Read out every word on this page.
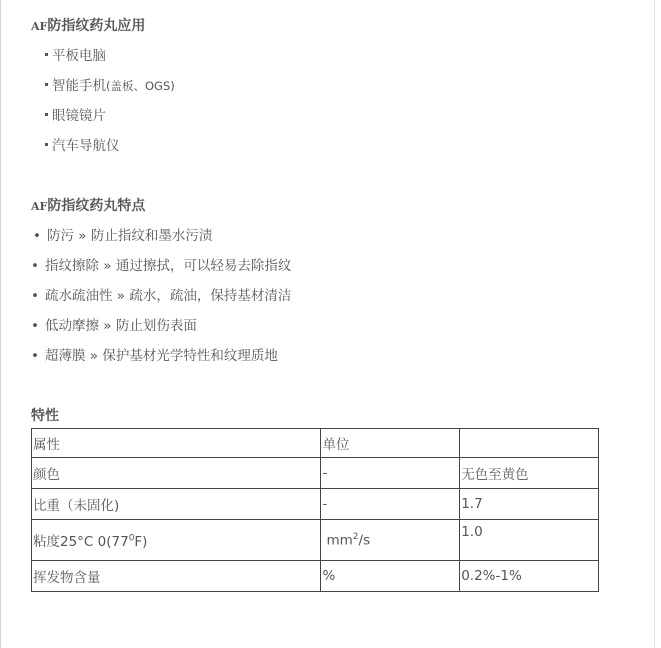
AF防指纹药丸应用
平板电脑
智能手机(盖板、OGS)
眼镜镜片
汽车导航仪
AF防指纹药丸特点
• 防污 » 防止指纹和墨水污渍
• 指纹擦除 » 通过擦拭，可以轻易去除指纹
• 疏水疏油性 » 疏水，疏油，保持基材清洁
• 低动摩擦 » 防止划伤表面
• 超薄膜 » 保护基材光学特性和纹理质地
特性
属性	单位	
颜色	-	无色至黄色
比重（未固化)	-	1.7
粘度25°C $0(77^0F)$	$mm^2/s$	1.0
挥发物含量	%	0.2%-1%
